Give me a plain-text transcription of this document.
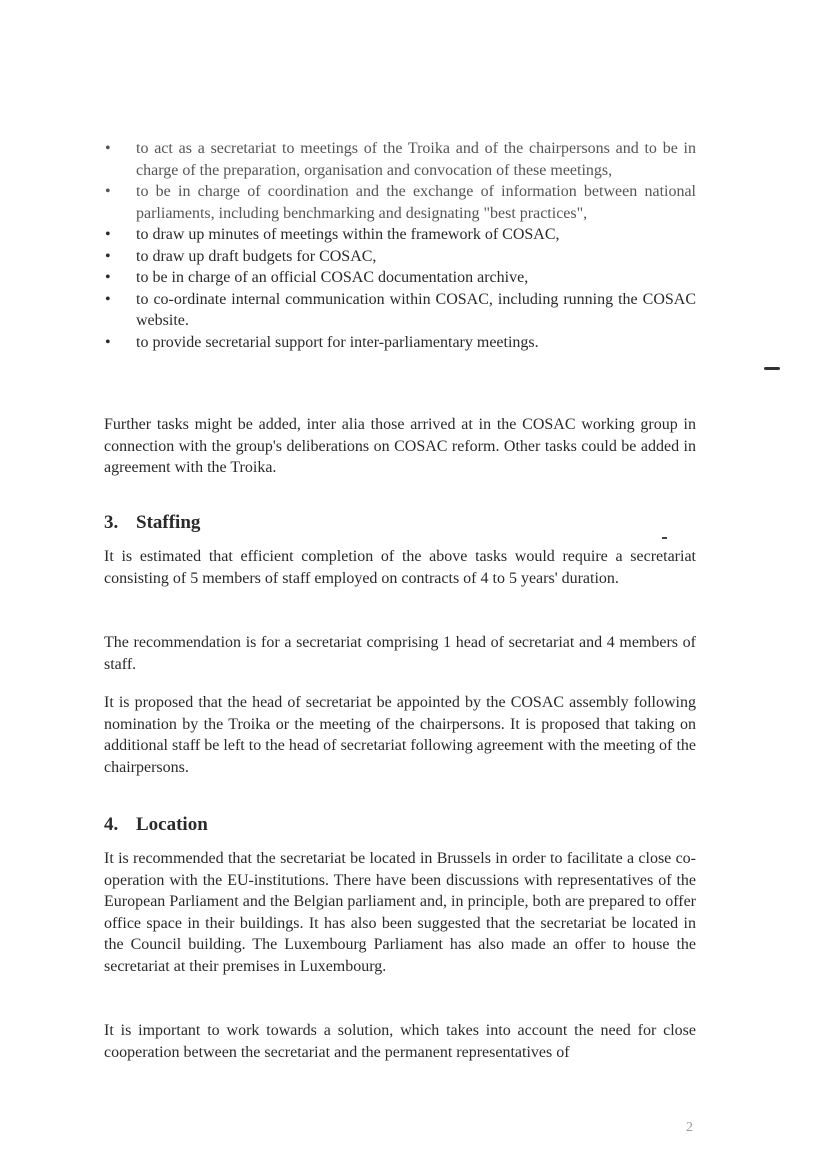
• to act as a secretariat to meetings of the Troika and of the chairpersons and to be in charge of the preparation, organisation and convocation of these meetings,
• to be in charge of coordination and the exchange of information between national parliaments, including benchmarking and designating "best practices",
• to draw up minutes of meetings within the framework of COSAC,
• to draw up draft budgets for COSAC,
• to be in charge of an official COSAC documentation archive,
• to co-ordinate internal communication within COSAC, including running the COSAC website.
• to provide secretarial support for inter-parliamentary meetings.

Further tasks might be added, inter alia those arrived at in the COSAC working group in connection with the group's deliberations on COSAC reform. Other tasks could be added in agreement with the Troika.

3. Staffing

It is estimated that efficient completion of the above tasks would require a secretariat consisting of 5 members of staff employed on contracts of 4 to 5 years' duration.

The recommendation is for a secretariat comprising 1 head of secretariat and 4 members of staff.

It is proposed that the head of secretariat be appointed by the COSAC assembly following nomination by the Troika or the meeting of the chairpersons. It is proposed that taking on additional staff be left to the head of secretariat following agreement with the meeting of the chairpersons.

4. Location

It is recommended that the secretariat be located in Brussels in order to facilitate a close co-operation with the EU-institutions. There have been discussions with representatives of the European Parliament and the Belgian parliament and, in principle, both are prepared to offer office space in their buildings. It has also been suggested that the secretariat be located in the Council building. The Luxembourg Parliament has also made an offer to house the secretariat at their premises in Luxembourg.

It is important to work towards a solution, which takes into account the need for close cooperation between the secretariat and the permanent representatives of

2
